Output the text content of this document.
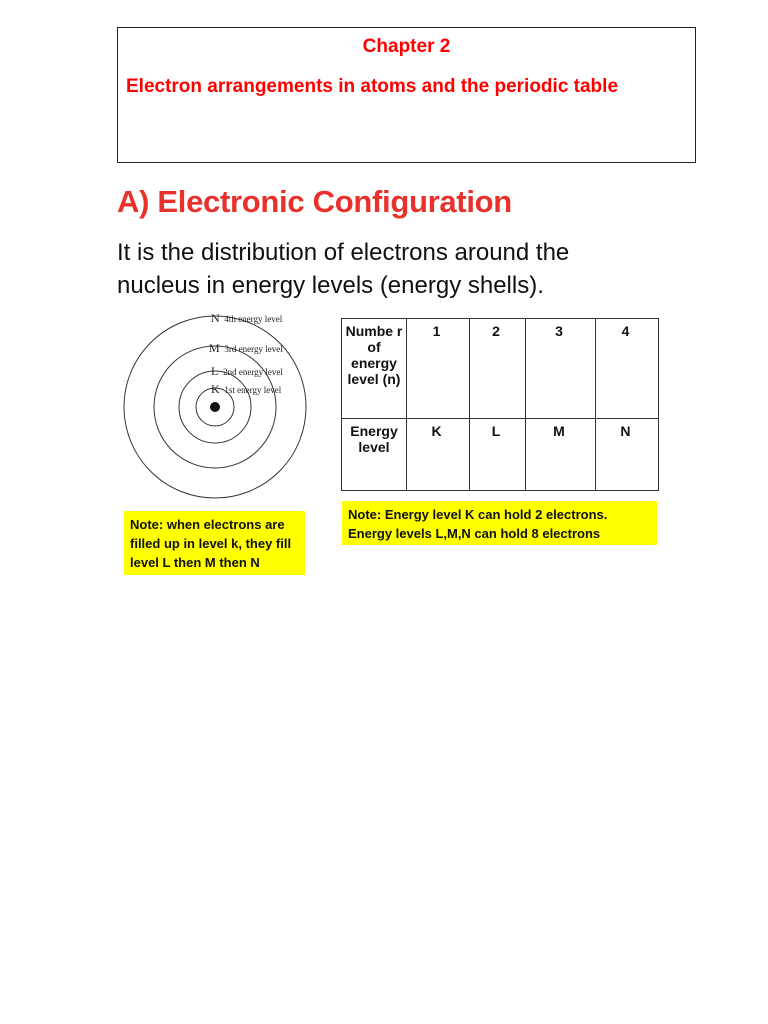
Chapter 2
Electron arrangements in atoms and the periodic table
A) Electronic Configuration
It is the distribution of electrons around the nucleus in energy levels (energy shells).
N 4th energy level
M 3rd energy level
L 2nd energy level
K 1st energy level
Numbe r of energy level (n)	1	2	3	4
Energy level	K	L	M	N
Note: when electrons are filled up in level k, they fill level L then M then N
Note: Energy level K can hold 2 electrons. Energy levels L,M,N can hold 8 electrons
